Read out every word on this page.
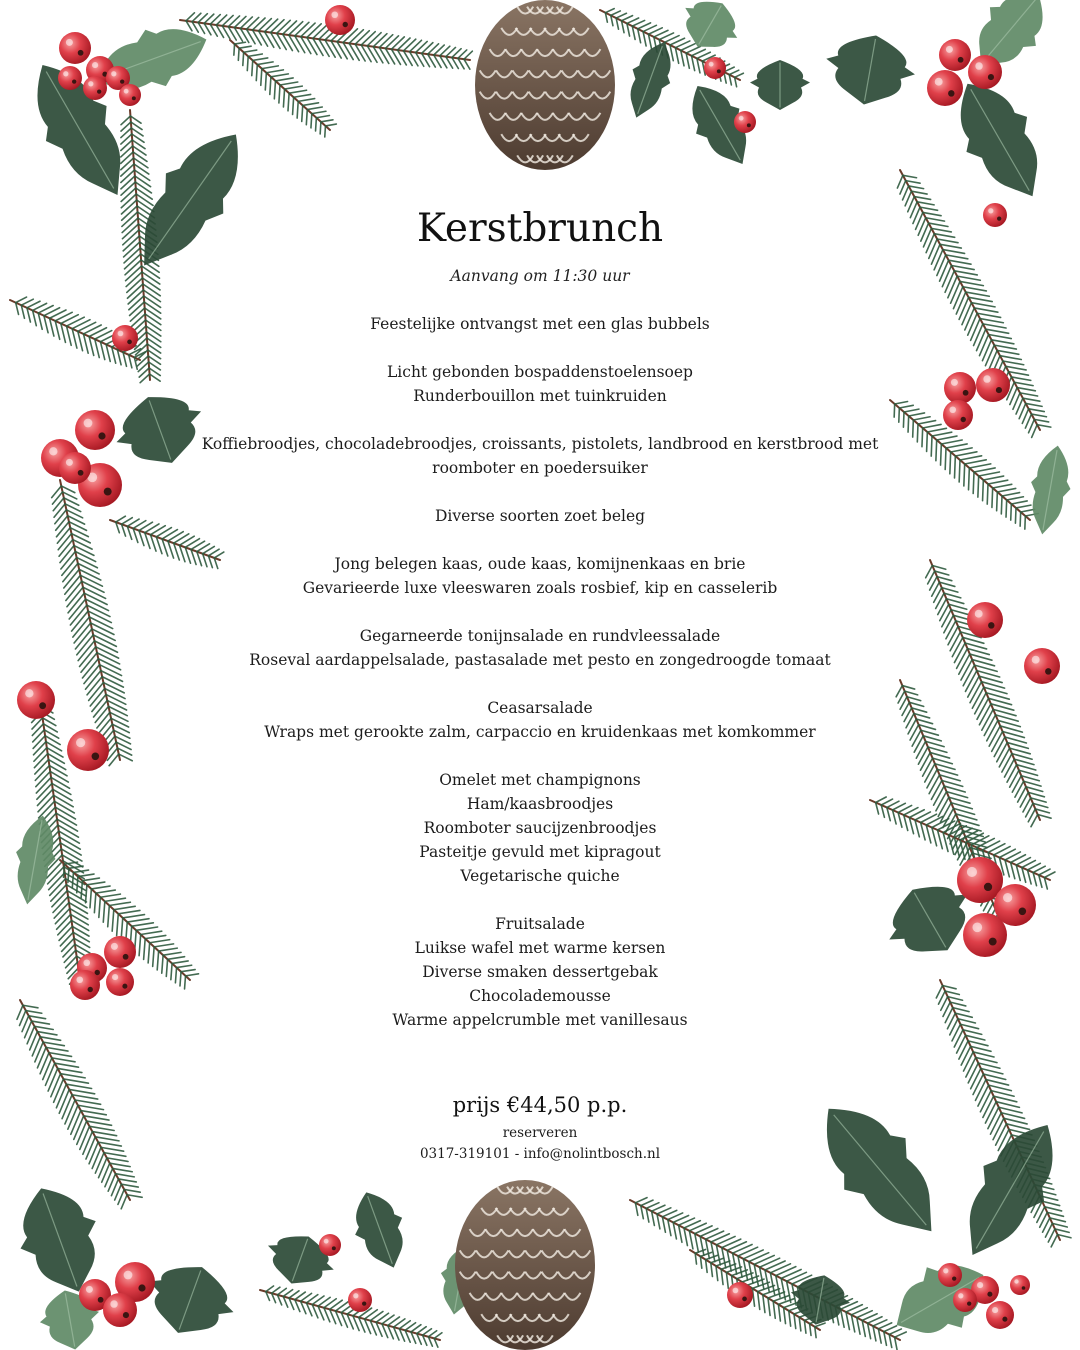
Kerstbrunch
Aanvang om 11:30 uur
Feestelijke ontvangst met een glas bubbels
Licht gebonden bospaddenstoelensoep
Runderbouillon met tuinkruiden
Koffiebroodjes, chocoladebroodjes, croissants, pistolets, landbrood en kerstbrood met
roomboter en poedersuiker
Diverse soorten zoet beleg
Jong belegen kaas, oude kaas, komijnenkaas en brie
Gevarieerde luxe vleeswaren zoals rosbief, kip en casselerib
Gegarneerde tonijnsalade en rundvleessalade
Roseval aardappelsalade, pastasalade met pesto en zongedroogde tomaat
Ceasarsalade
Wraps met gerookte zalm, carpaccio en kruidenkaas met komkommer
Omelet met champignons
Ham/kaasbroodjes
Roomboter saucijzenbroodjes
Pasteitje gevuld met kipragout
Vegetarische quiche
Fruitsalade
Luikse wafel met warme kersen
Diverse smaken dessertgebak
Chocolademousse
Warme appelcrumble met vanillesaus
prijs €44,50 p.p.
reserveren
0317-319101 - info@nolintbosch.nl
